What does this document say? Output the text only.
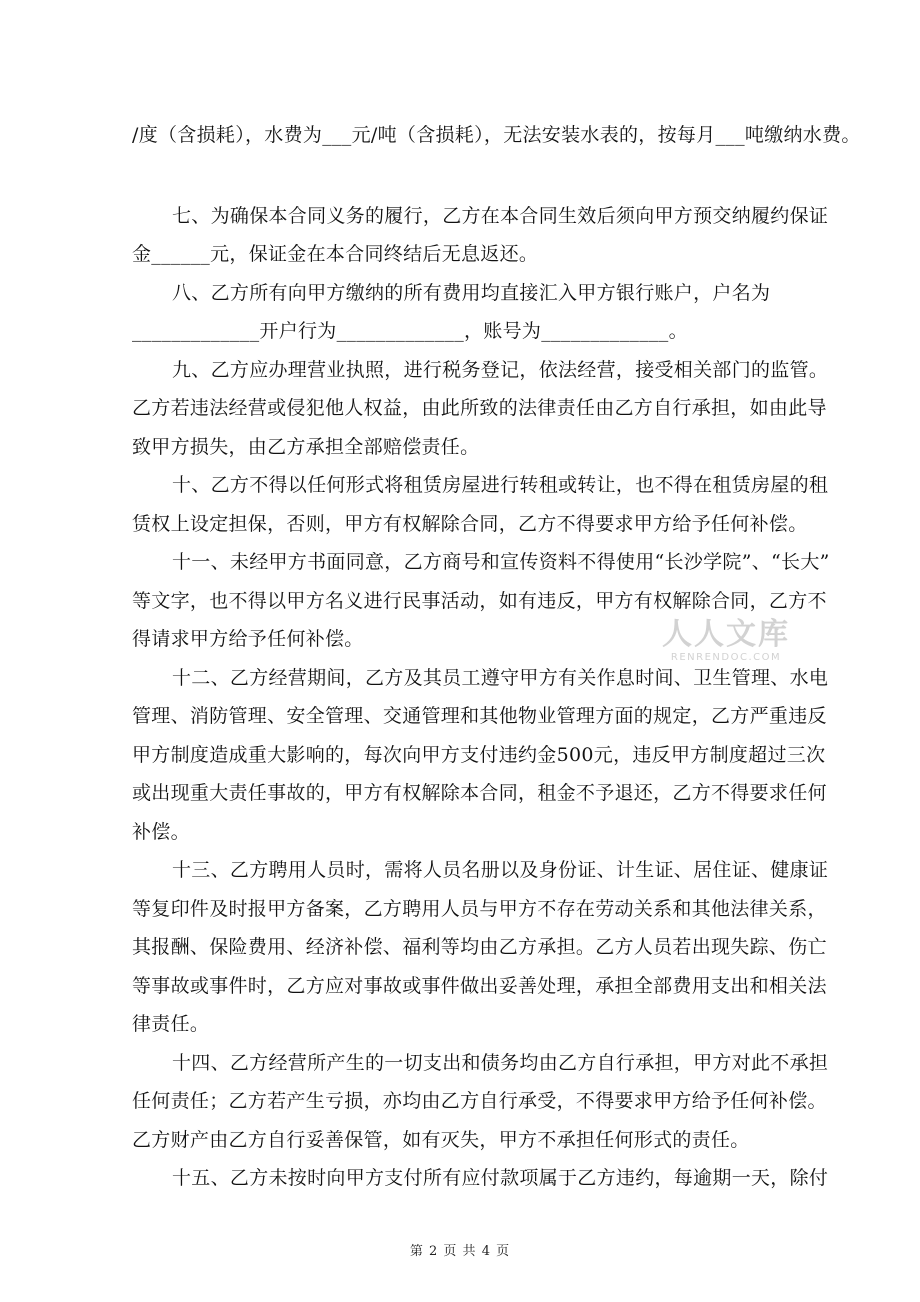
/度（含损耗），水费为___元/吨（含损耗），无法安装水表的，按每月___吨缴纳水费。
七、为确保本合同义务的履行，乙方在本合同生效后须向甲方预交纳履约保证
金______元，保证金在本合同终结后无息返还。
八、乙方所有向甲方缴纳的所有费用均直接汇入甲方银行账户，户名为
_____________开户行为_____________，账号为_____________。
九、乙方应办理营业执照，进行税务登记，依法经营，接受相关部门的监管。
乙方若违法经营或侵犯他人权益，由此所致的法律责任由乙方自行承担，如由此导
致甲方损失，由乙方承担全部赔偿责任。
十、乙方不得以任何形式将租赁房屋进行转租或转让，也不得在租赁房屋的租
赁权上设定担保，否则，甲方有权解除合同，乙方不得要求甲方给予任何补偿。
十一、未经甲方书面同意，乙方商号和宣传资料不得使用“长沙学院”、“长大”
等文字，也不得以甲方名义进行民事活动，如有违反，甲方有权解除合同，乙方不
得请求甲方给予任何补偿。
十二、乙方经营期间，乙方及其员工遵守甲方有关作息时间、卫生管理、水电
管理、消防管理、安全管理、交通管理和其他物业管理方面的规定，乙方严重违反
甲方制度造成重大影响的，每次向甲方支付违约金500元，违反甲方制度超过三次
或出现重大责任事故的，甲方有权解除本合同，租金不予退还，乙方不得要求任何
补偿。
十三、乙方聘用人员时，需将人员名册以及身份证、计生证、居住证、健康证
等复印件及时报甲方备案，乙方聘用人员与甲方不存在劳动关系和其他法律关系，
其报酬、保险费用、经济补偿、福利等均由乙方承担。乙方人员若出现失踪、伤亡
等事故或事件时，乙方应对事故或事件做出妥善处理，承担全部费用支出和相关法
律责任。
十四、乙方经营所产生的一切支出和债务均由乙方自行承担，甲方对此不承担
任何责任；乙方若产生亏损，亦均由乙方自行承受，不得要求甲方给予任何补偿。
乙方财产由乙方自行妥善保管，如有灭失，甲方不承担任何形式的责任。
十五、乙方未按时向甲方支付所有应付款项属于乙方违约，每逾期一天，除付
人人文库
RENRENDOC.COM
第 2 页 共 4 页
